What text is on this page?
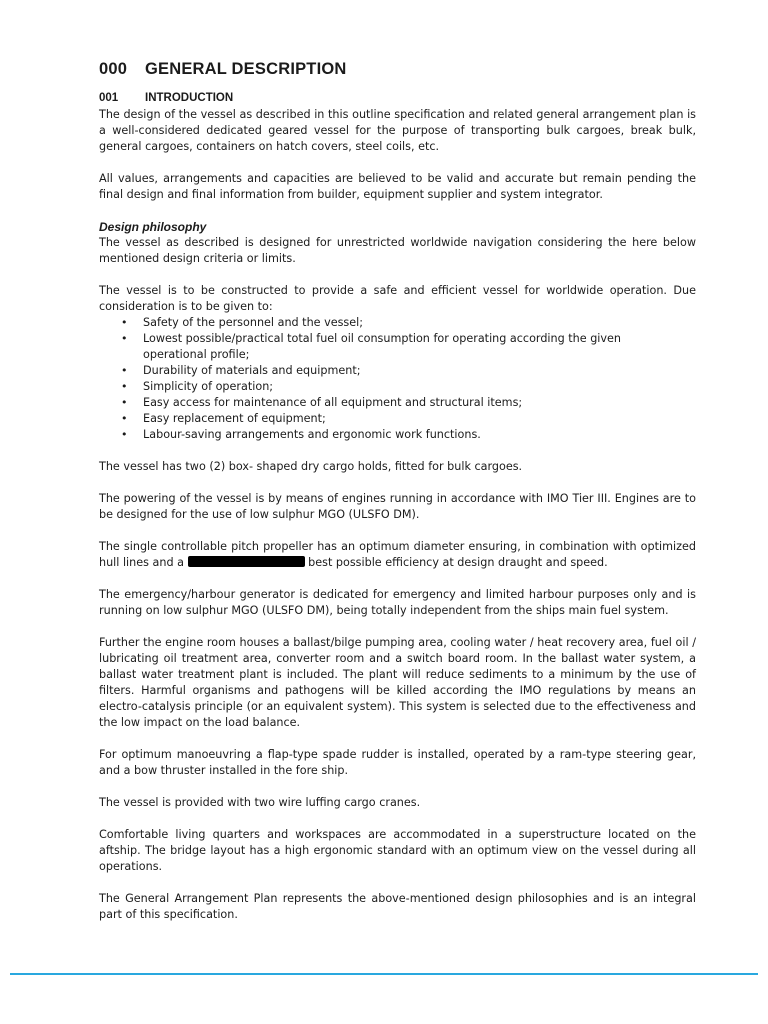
000 GENERAL DESCRIPTION
001 INTRODUCTION

The design of the vessel as described in this outline specification and related general arrangement plan is a well-considered dedicated geared vessel for the purpose of transporting bulk cargoes, break bulk, general cargoes, containers on hatch covers, steel coils, etc.

All values, arrangements and capacities are believed to be valid and accurate but remain pending the final design and final information from builder, equipment supplier and system integrator.

Design philosophy

The vessel as described is designed for unrestricted worldwide navigation considering the here below mentioned design criteria or limits.

The vessel is to be constructed to provide a safe and efficient vessel for worldwide operation. Due consideration is to be given to:

• Safety of the personnel and the vessel;
• Lowest possible/practical total fuel oil consumption for operating according the given operational profile;
• Durability of materials and equipment;
• Simplicity of operation;
• Easy access for maintenance of all equipment and structural items;
• Easy replacement of equipment;
• Labour-saving arrangements and ergonomic work functions.

The vessel has two (2) box- shaped dry cargo holds, fitted for bulk cargoes.

The powering of the vessel is by means of engines running in accordance with IMO Tier III. Engines are to be designed for the use of low sulphur MGO (ULSFO DM).

The single controllable pitch propeller has an optimum diameter ensuring, in combination with optimized hull lines and a	best possible efficiency at design draught and speed.

The emergency/harbour generator is dedicated for emergency and limited harbour purposes only and is running on low sulphur MGO (ULSFO DM), being totally independent from the ships main fuel system.

Further the engine room houses a ballast/bilge pumping area, cooling water / heat recovery area, fuel oil / lubricating oil treatment area, converter room and a switch board room. In the ballast water system, a ballast water treatment plant is included. The plant will reduce sediments to a minimum by the use of filters. Harmful organisms and pathogens will be killed according the IMO regulations by means an electro-catalysis principle (or an equivalent system). This system is selected due to the effectiveness and the low impact on the load balance.

For optimum manoeuvring a flap-type spade rudder is installed, operated by a ram-type steering gear, and a bow thruster installed in the fore ship.

The vessel is provided with two wire luffing cargo cranes.

Comfortable living quarters and workspaces are accommodated in a superstructure located on the aftship. The bridge layout has a high ergonomic standard with an optimum view on the vessel during all operations.

The General Arrangement Plan represents the above-mentioned design philosophies and is an integral part of this specification.
